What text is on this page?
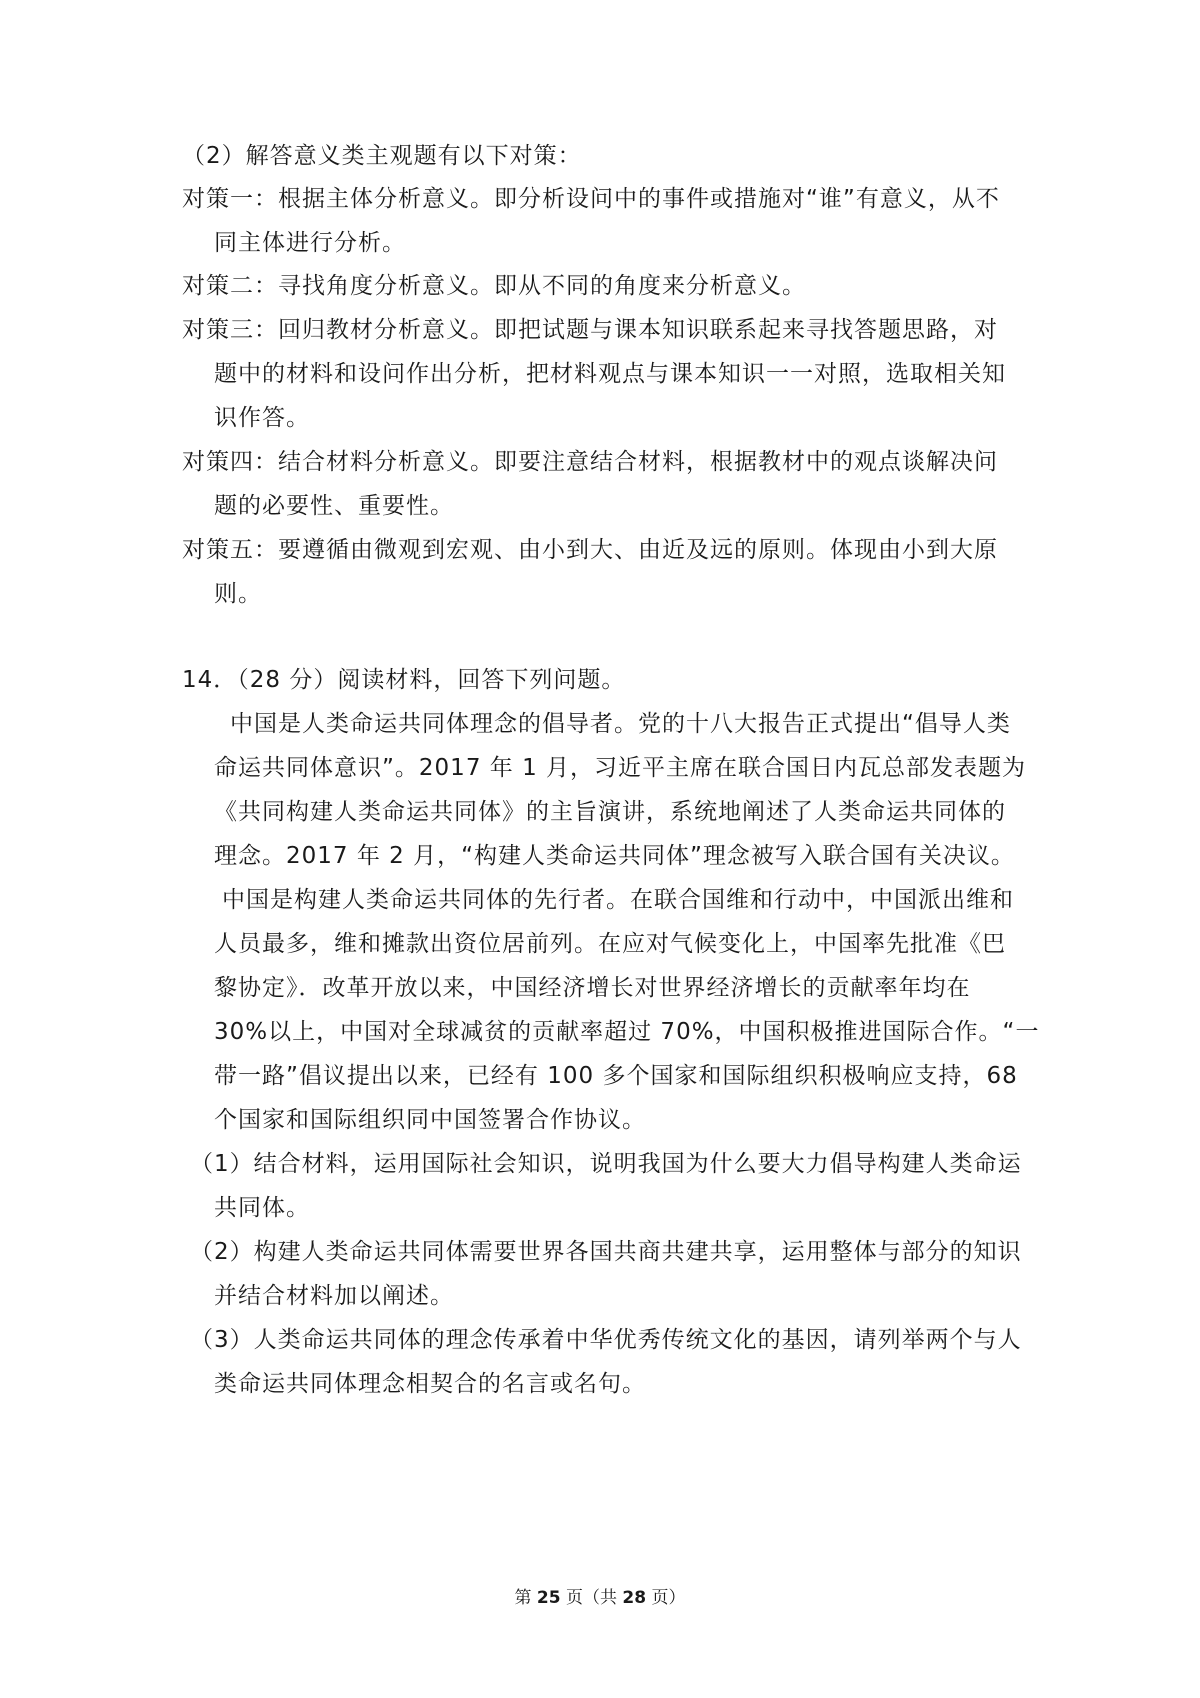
（2）解答意义类主观题有以下对策：
对策一：根据主体分析意义。即分析设问中的事件或措施对“谁”有意义，从不
同主体进行分析。
对策二：寻找角度分析意义。即从不同的角度来分析意义。
对策三：回归教材分析意义。即把试题与课本知识联系起来寻找答题思路，对
题中的材料和设问作出分析，把材料观点与课本知识一一对照，选取相关知
识作答。
对策四：结合材料分析意义。即要注意结合材料，根据教材中的观点谈解决问
题的必要性、重要性。
对策五：要遵循由微观到宏观、由小到大、由近及远的原则。体现由小到大原
则。
14．（28 分）阅读材料，回答下列问题。
中国是人类命运共同体理念的倡导者。党的十八大报告正式提出“倡导人类
命运共同体意识”。2017 年 1 月，习近平主席在联合国日内瓦总部发表题为
《共同构建人类命运共同体》的主旨演讲，系统地阐述了人类命运共同体的
理念。2017 年 2 月，“构建人类命运共同体”理念被写入联合国有关决议。
中国是构建人类命运共同体的先行者。在联合国维和行动中，中国派出维和
人员最多，维和摊款出资位居前列。在应对气候变化上，中国率先批准《巴
黎协定》．改革开放以来，中国经济增长对世界经济增长的贡献率年均在
30%以上，中国对全球减贫的贡献率超过 70%，中国积极推进国际合作。“一
带一路”倡议提出以来，已经有 100 多个国家和国际组织积极响应支持，68
个国家和国际组织同中国签署合作协议。
（1）结合材料，运用国际社会知识，说明我国为什么要大力倡导构建人类命运
共同体。
（2）构建人类命运共同体需要世界各国共商共建共享，运用整体与部分的知识
并结合材料加以阐述。
（3）人类命运共同体的理念传承着中华优秀传统文化的基因，请列举两个与人
类命运共同体理念相契合的名言或名句。
第 25 页（共 28 页）
